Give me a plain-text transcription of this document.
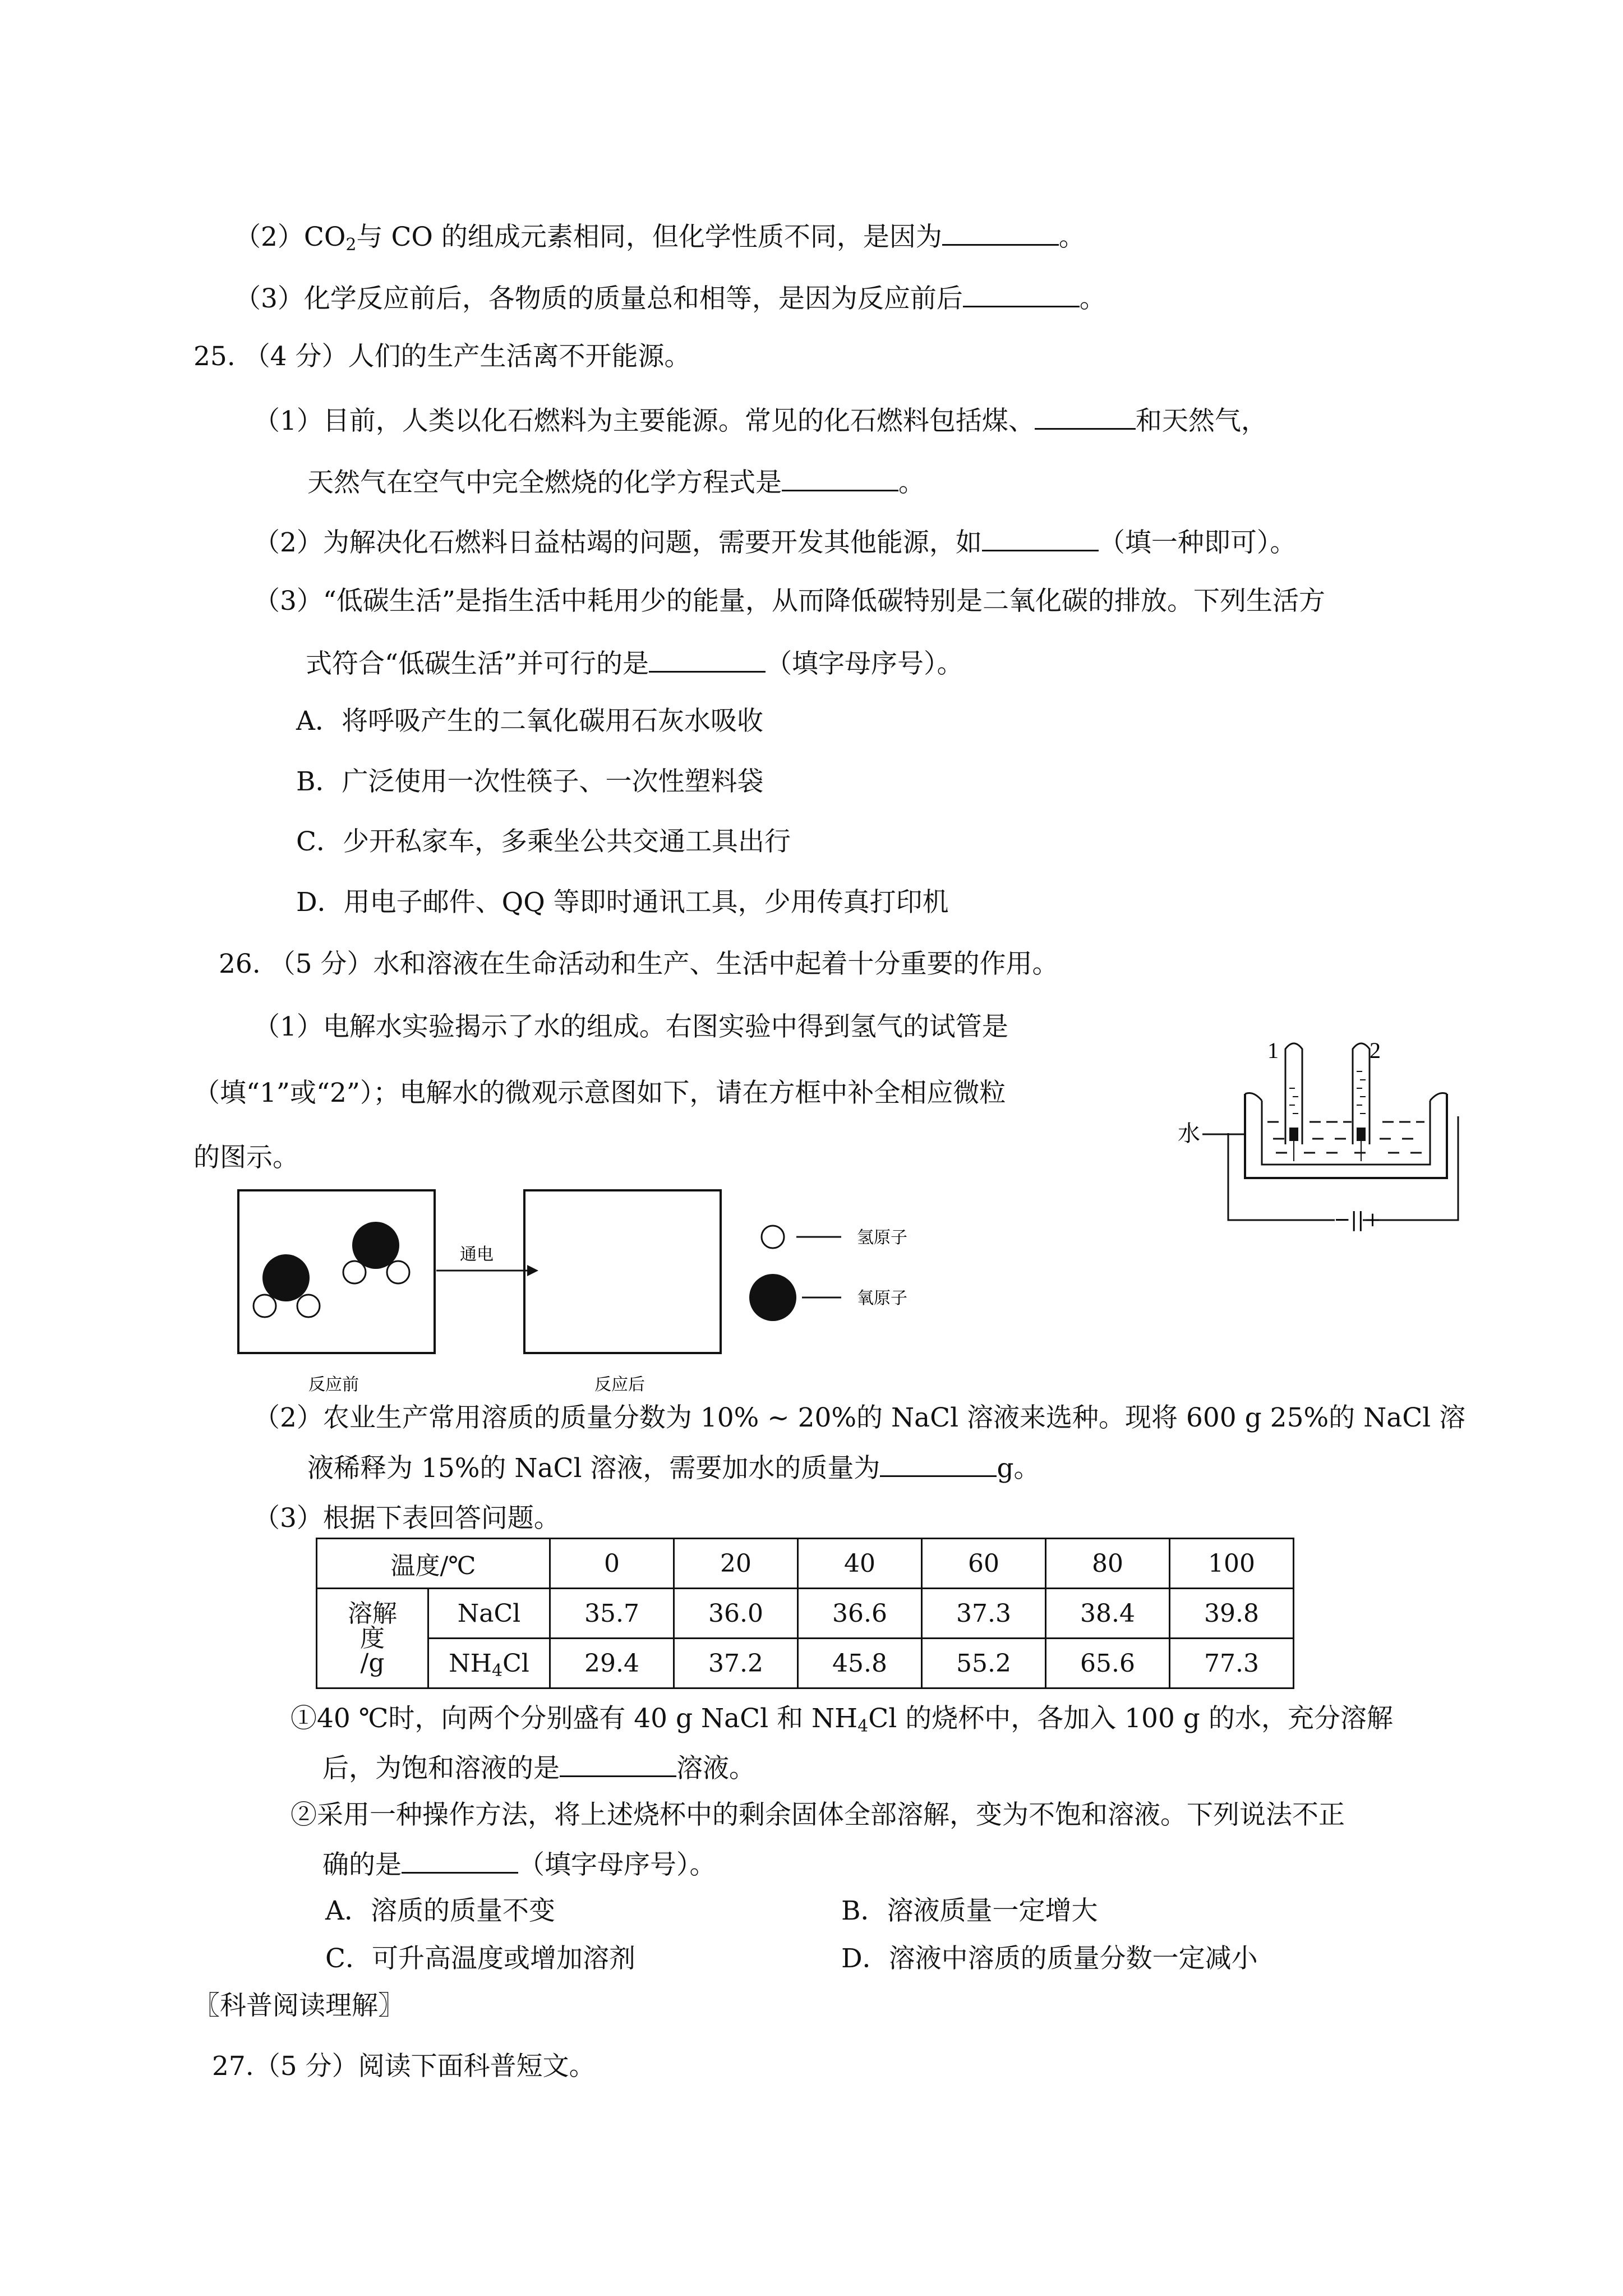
$(2)CO_2$与 CO 的组成元素相同，但化学性质不同，是因为	。
（3）化学反应前后，各物质的质量总和相等，是因为反应前后	。
25. （4 分）人们的生产生活离不开能源。
（1）目前，人类以化石燃料为主要能源。常见的化石燃料包括煤、	和天然气，
天然气在空气中完全燃烧的化学方程式是	。
（2）为解决化石燃料日益枯竭的问题，需要开发其他能源，如	（填一种即可）。
（3）“低碳生活”是指生活中耗用少的能量，从而降低碳特别是二氧化碳的排放。下列生活方
式符合“低碳生活”并可行的是	（填字母序号）。
A．将呼吸产生的二氧化碳用石灰水吸收
B．广泛使用一次性筷子、一次性塑料袋
C．少开私家车，多乘坐公共交通工具出行
D．用电子邮件、QQ 等即时通讯工具，少用传真打印机
26. （5 分）水和溶液在生命活动和生产、生活中起着十分重要的作用。
（1）电解水实验揭示了水的组成。右图实验中得到氢气的试管是
（填“1”或“2”）；电解水的微观示意图如下，请在方框中补全相应微粒
的图示。
1	2
水
−||+
通电
氢原子
氧原子
反应前	反应后
（2）农业生产常用溶质的质量分数为 10% ~ 20%的 NaCl 溶液来选种。现将 600 g 25%的 NaCl 溶
液稀释为 15%的 NaCl 溶液，需要加水的质量为	g。
（3）根据下表回答问题。
温度/℃		0	20	40	60	80	100
溶解
度
/g	NaCl	35.7	36.0	36.6	37.3	38.4	39.8
	$NH_4Cl$	29.4	37.2	45.8	55.2	65.6	77.3
①40 ℃时，向两个分别盛有 40 g NaCl 和 $NH_4Cl$ 的烧杯中，各加入 100 g 的水，充分溶解
后，为饱和溶液的是	溶液。
②采用一种操作方法，将上述烧杯中的剩余固体全部溶解，变为不饱和溶液。下列说法不正
确的是	（填字母序号）。
A．溶质的质量不变	B．溶液质量一定增大
C．可升高温度或增加溶剂	D．溶液中溶质的质量分数一定减小
〖科普阅读理解〗
27.（5 分）阅读下面科普短文。
